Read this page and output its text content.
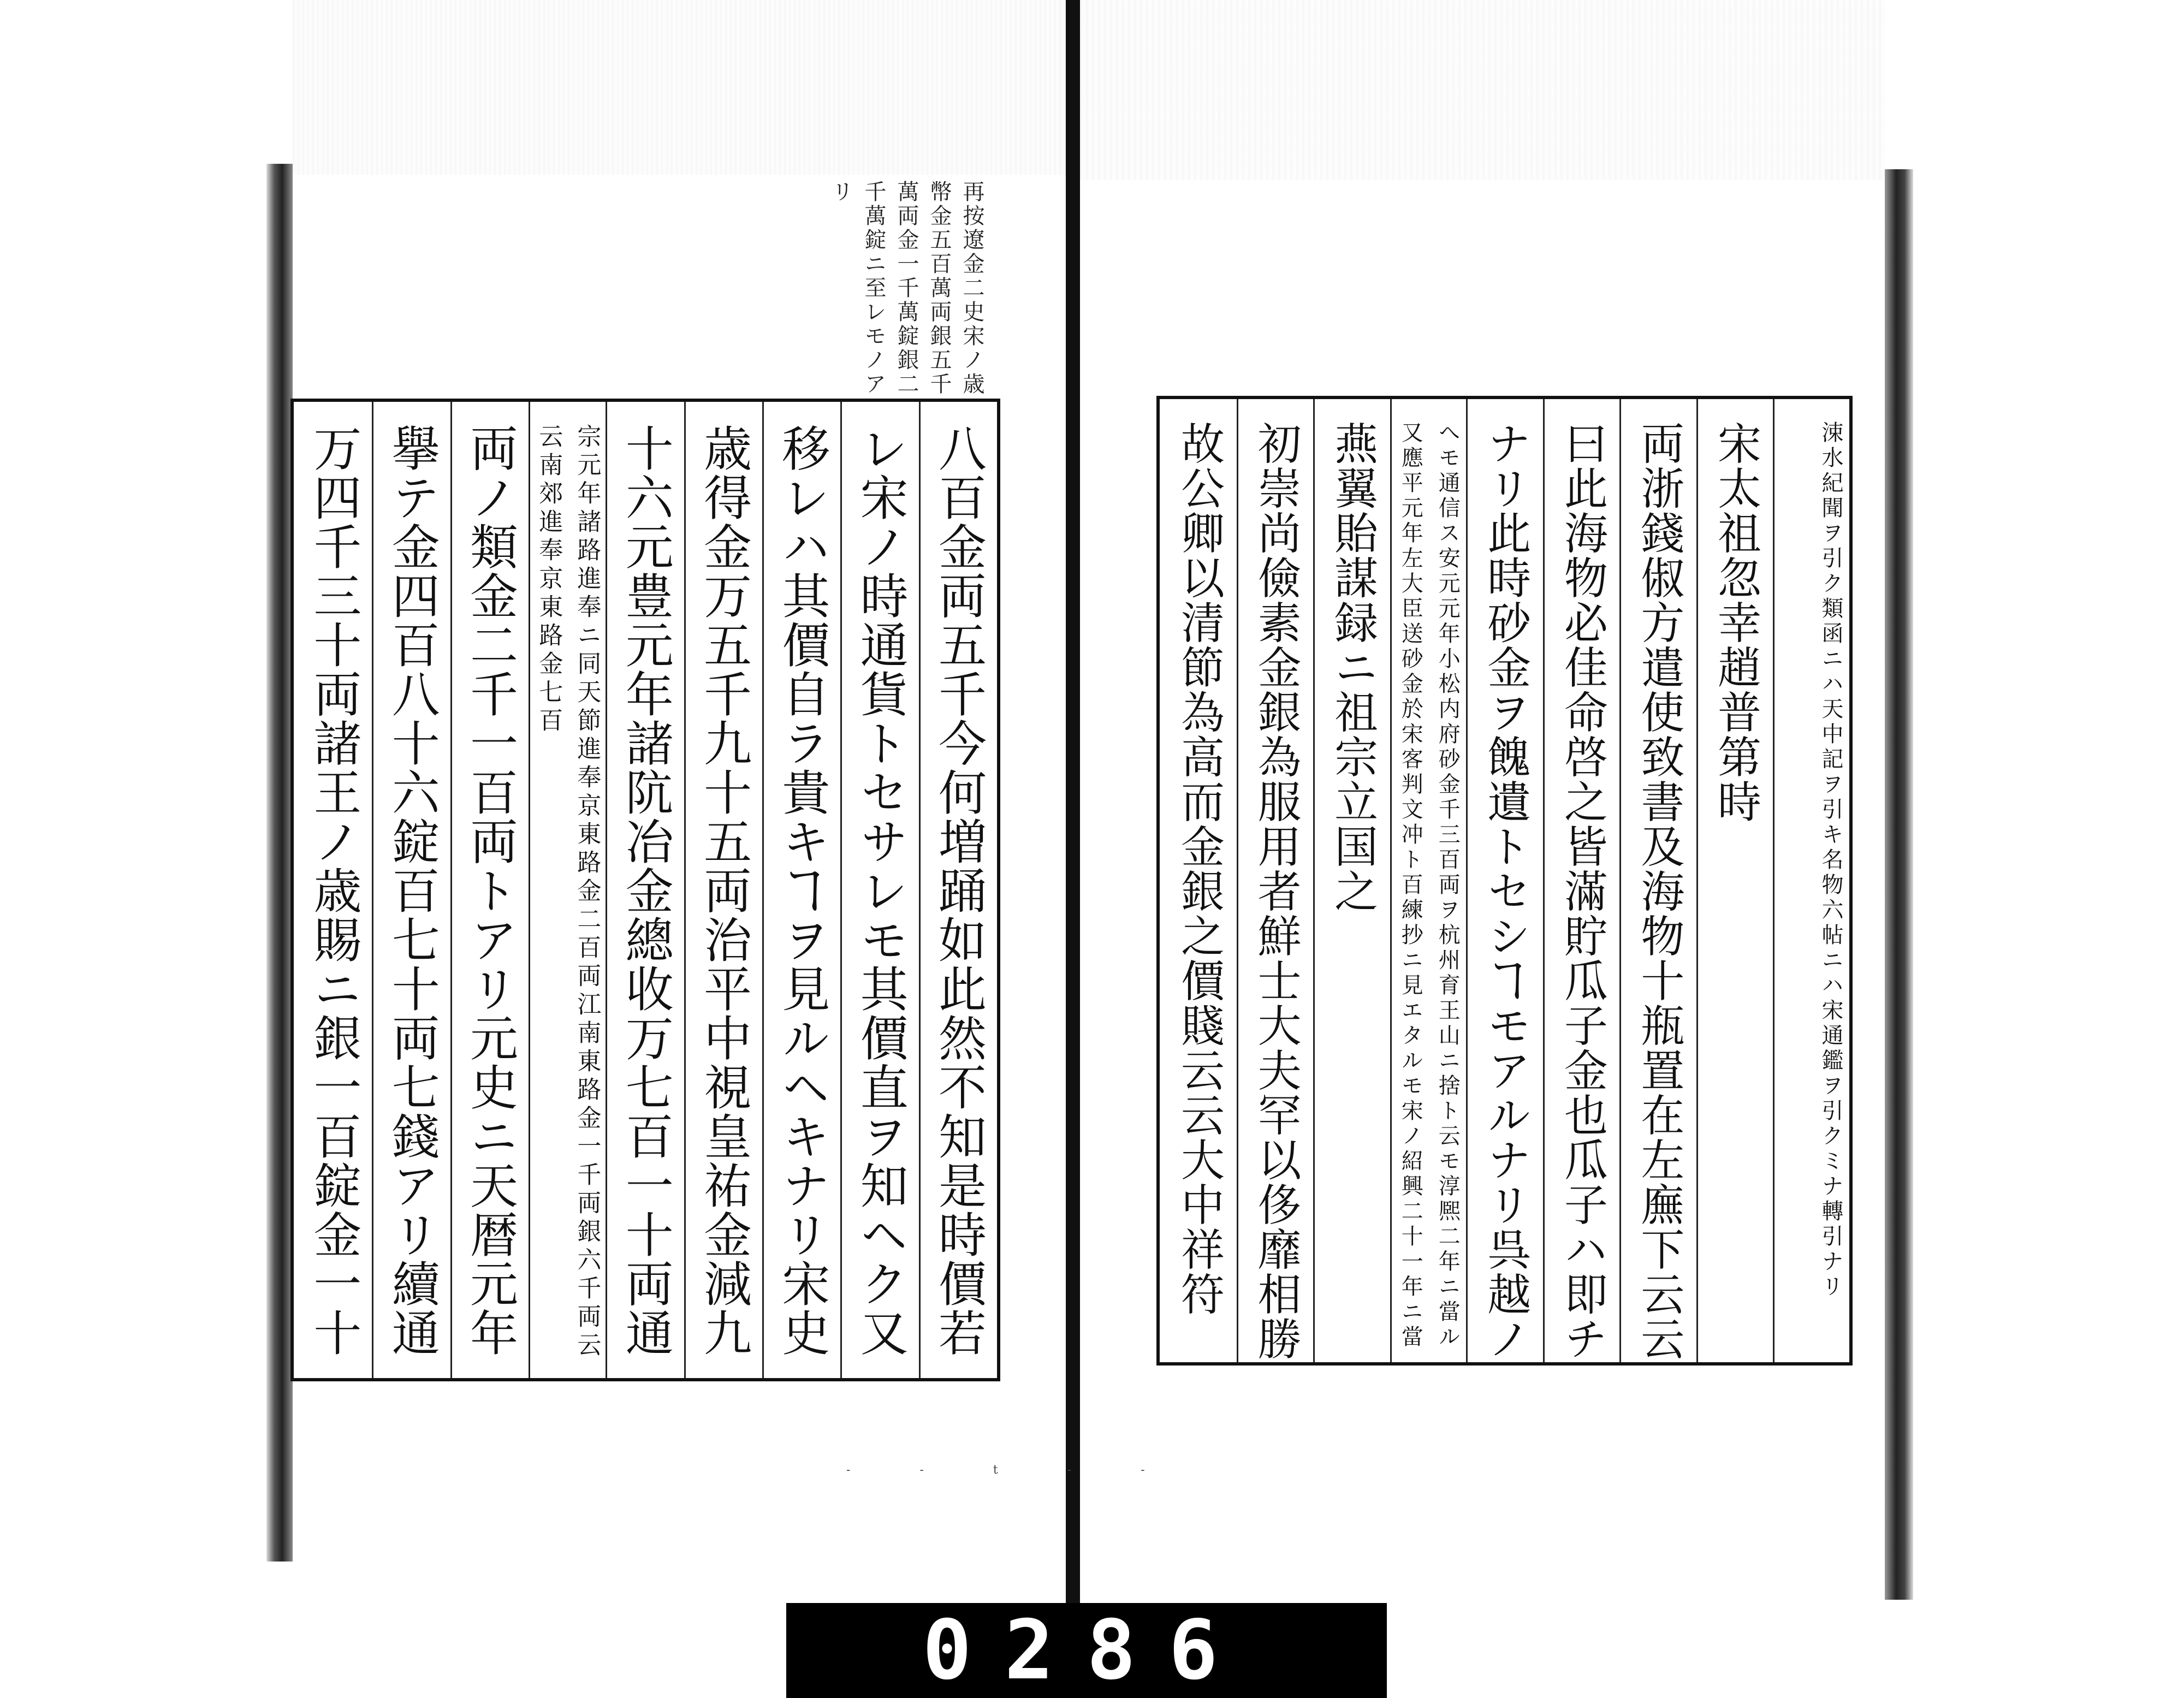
再按遼金二史宋ノ歳幣金五百萬両銀五千萬両金一千萬錠銀二千萬錠ニ至レモノアリ
八百金両五千今何増踊如此然不知是時價若
レ宋ノ時通貨トセサレモ其價直ヲ知ヘク又
移レハ其價自ラ貴キヿヲ見ルヘキナリ宋史
歳得金万五千九十五両治平中視皇祐金減九
十六元豊元年諸阬冶金總收万七百一十両通
宗元年諸路進奉ニ同天節進奉京東路金二百両江南東路金一千両銀六千両云云南郊進奉京東路金七百
両ノ類金二千一百両トアリ元史ニ天暦元年
擧テ金四百八十六錠百七十両七錢アリ續通
万四千三十両諸王ノ歳賜ニ銀一百錠金一十
涑水紀聞ヲ引ク類函ニハ天中記ヲ引キ名物六帖ニハ宋通鑑ヲ引クミナ轉引ナリ
宋太祖忽幸趙普第時
両浙錢俶方遣使致書及海物十瓶置在左廡下云云
曰此海物必佳命啓之皆滿貯瓜子金也瓜子ハ即チ
ナリ此時砂金ヲ餽遺トセシヿモアルナリ呉越ノ
へモ通信ス安元元年小松内府砂金千三百両ヲ杭州育王山ニ捨ト云モ淳熈二年ニ當ル又應平元年左大臣送砂金於宋客判文冲ト百練抄ニ見エタルモ宋ノ紹興二十一年ニ當
燕翼貽謀録ニ祖宗立国之
初崇尚儉素金銀為服用者鮮士大夫罕以侈靡相勝
故公卿以清節為高而金銀之價賤云云大中祥符
- - t - -
0286
